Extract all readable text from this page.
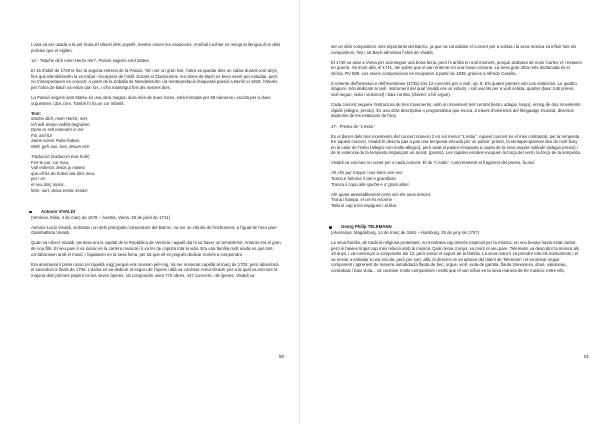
L'aria va ser usada a la pel·lícula El silenci dels anyells, mentre sonen les variacions, Anníbal Lechter es menja la llengua d'un dels policies que el vigilen.

14.- "Mache dich mein Herze rein", Passió segons sant Mateu

El 15 d'abril de 1729 té lloc la segona estrena de la Passió. Tot i ser un gran èxit, l'obra va quedar dins un calaix durant cent anys, fins que Mendelssohn la va trobar i recuperar de l'oblit. Durant el Classicisme, les obres de Bach es feien servir per estudiar, però no s'interpretaven en concert. A partir de la troballa de Mendelssohn i la reinterpretació d'aquesta passió a Berlín el 1829, l'interès per l'obra de Bach va evitar que fos, i s'ha mantingut fins als nostres dies.

La Passió segons sant Mateu és una obra magna, dura més de dues hores, està formada per 68 números i escrita per a dues orquestres i dos cors. També hi ha un cor infantil.

Text:

Mache dich, mein Herze, rein,
Ich will Jesum selbst begraben.
Denn er soll nunmehr in mir
Für und für
Seine süsse Ruhe haben.
Welt, geh aus, lass Jesum ein!
Traducció (traducció Eva Solé)
Fes-te pur, cor meu,
Vull enterrar Jesús jo mateix
que ell ha de trobar ara dins meu,
per i en
el seu dolç repòs.
Món, surt, deixa entrar Jesús!

Antonio VIVALDI

(Venècia, Itàlia, 4 de març de 1678 – Àustria, Viena, 28 de juliol de 1741)

Antonio Lucio Vivaldi, violinista i un dels principals compositors del Barroc, va ser un virtuós de l'instrument, a l'igual de l'seu pare Giambattista Vivaldi.

Quan va néixer Vivaldi, Venècia era la capital de la República de Venècia i aquell dia hi va haver un terratrèmol. Antonio era el gran de nou fills. El seu pare li va iniciar en la carrera musical i li va fer de copista tota la vida. Era una família molt unida en què tots col·laboraven amb el músic i l'ajudaven en la seva feina, per tal que ell es pogués dedicar només a compondre.

Era anomenat il prete rosso (el capellà roig) perquè era mossèn pèl-roig. Va ser nomenat capellà al març de 1703, però abandonà el sacerdoci a finals de 1706. L'asma es va dedicar al negoci de l'òpera i allà va conèixer Anna Girault, per a la qual va escriure la majoria dels primers papers en les seves òperes. Va compondre unes 770 obres, 447 concerts i 46 òperes. Vivaldi va

50

ser un dels compositors més importants del Barroc, ja que va consolidar el concert per a solista i la seva música va influir tots els compositors, fins i tot Bach admirava l'obra de Vivaldi.

El 1740 va anar a Viena per aconseguir una bona feina, però hi arribà en mal moment, perquè acabava de morir Carles VI i estaven en guerra. Va morir allà, el 1741, tan pobre que el van enterrar en una fossa comuna. La seva gran obra més destacada és el Glòria, RV 589. Les seves composicions es recuperen a partir de 1939, gràcies a Alfredo Casella.

Il cimento dell'armonia e dell'inventione (1725) són 12 concerts per a violí, op. 8. Els quatre primers són Les estacions. Le quattro stagioni. Són dedicats al violí, instrument del qual Vivaldi era un virtuós, i són escrits per a violí solista, quartet (baix: tutti primer, violí segon, viola i violoncel) i baix continu (clavecí o bé orgue).

Cada concert segueix l'estructura de tres moviments, amb un moviment lent central (lento, adagio, largo), enmig de dos moviments ràpids (allegro, presto). És una obra descriptiva o programàtica que evoca, a través d'elements del llenguatge musical, diversos aspectes de les estacions de l'any.

17.- Presto de "L'estiu"

És el darrer dels tres moviments del concert número 2 en sol menor "L'estiu". Aquest concert és el més contrastat, per la tempesta. En aquest concert, Vivaldi hi descriu pas a pas una tempesta viscuda per un pastor: primer, la sentaperopareixe des de molt lluny en la calor de l'estiu (allegro non molto-allegro), però aviat el pastor s'espanta a causa de la seva inquiet solitude (adagio presto) i de la violència de la tempesta mitjançant un acord, (presto). Les rapides escales evoquen la força del vent i la força de la tempesta.

Vivaldi va escriure un sonet per a cada concert. El de "L'estiu", concretament el fragment del presto, fa així:

Ah che pur troppo i suo timor son veri
Tuona e fulmina il ciel e grandioso
Tronca il capo alle spiche e a' grani alteri.
Ah! quant amentablement certs són els seus temors:
Trona i llampa, el cel és enorme
Talla el cap a les espigues i al blat.

Georg Philip TELEMANN

(Alemanya, Magdeburg, 14 de març de 1681 – Hamburg, 25 de juny de 1767)

La seva família, de tradició religiosa protestant, no mostrava cap interès especial per la música; un seu besavi havia estat cantor, però ni havien tingut cap més relació amb la música. Quan tenia 4 anys, va morir el seu pare. Telemann va descobrir la música als 10 anys, i va començar a compondre als 12, però sense el suport de la família. La seva mare li va prendre tots els instruments i el va enviar a estudiar a una escola, però per sort, allà, el director es va adonar del talent de Telemann i el va deixar seguir component i aprenent de manera autodidacta flauta de bec, orgue, violí, viola de gamba, flauta travessera, oboè, xalumeau, contrabaix i baix viola... va conèixer molts compositors i estils que el van influir en la seva manera de fer música: entre ells,

51
